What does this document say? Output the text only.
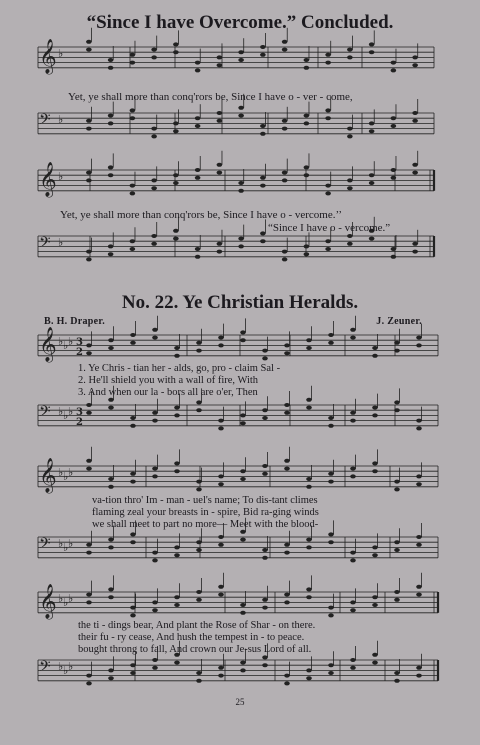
“Since I have Overcome.” Concluded.
𝄞 ♭
𝄢 ♭
𝄞 ♭
𝄢 ♭
𝄞 ♭ ♭ ♭
𝄢 ♭ ♭ ♭
3
2
3
2
𝄞 ♭ ♭ ♭
𝄢 ♭ ♭ ♭
𝄞 ♭ ♭ ♭
𝄢 ♭ ♭ ♭
Yet, ye shall more than conq'rors be, Since I have o - ver - come,
Yet, ye shall more than conq'rors be, Since I have o - vercome.’’
“Since I have o - vercome.”
No. 22. Ye Christian Heralds.
B. H. Draper.	J. Zeuner.
1. Ye Chris - tian her - alds, go, pro - claim Sal -
2. He'll shield you with a wall of fire, With
3. And when our la - bors all are o'er, Then
va-tion thro' Im - man - uel's name; To dis-tant climes
flaming zeal your breasts in - spire, Bid ra-ging winds
we shall meet to part no more— Meet with the blood-
the ti - dings bear, And plant the Rose of Shar - on there.
their fu - ry cease, And hush the tempest in - to peace.
bought throng to fall, And crown our Je-sus Lord of all.
25
